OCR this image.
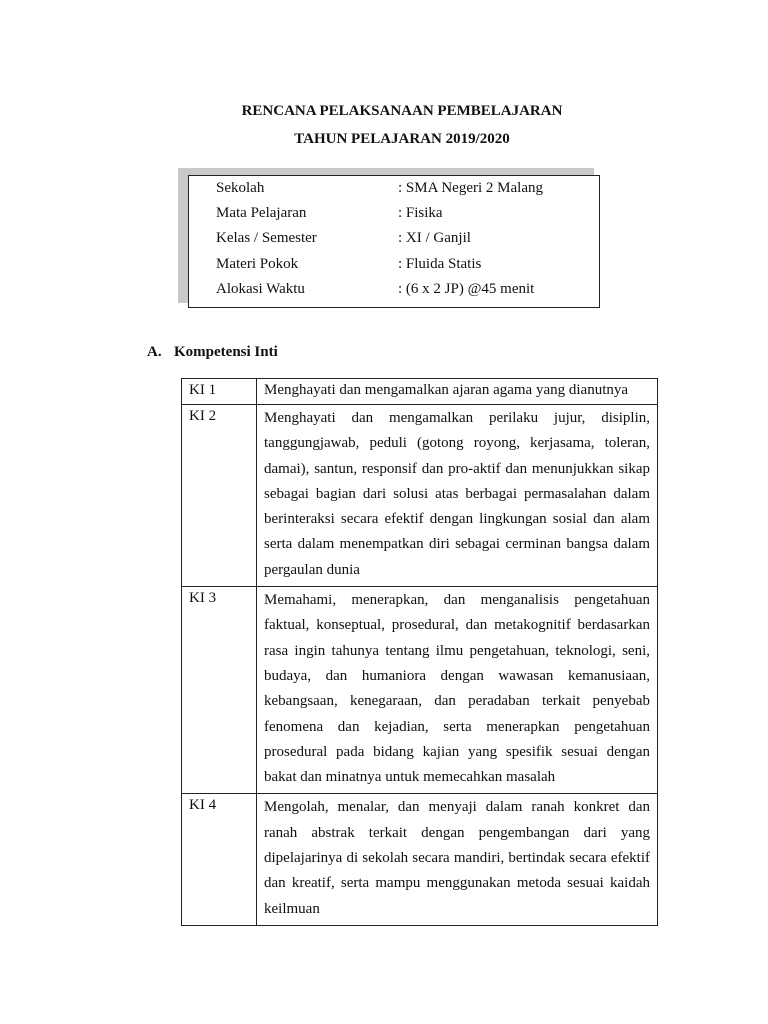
RENCANA PELAKSANAAN PEMBELAJARAN
TAHUN PELAJARAN 2019/2020
Sekolah	: SMA Negeri 2 Malang
Mata Pelajaran	: Fisika
Kelas / Semester	: XI / Ganjil
Materi Pokok	: Fluida Statis
Alokasi Waktu	: (6 x 2 JP) @45 menit
A. Kompetensi Inti
KI 1	Menghayati dan mengamalkan ajaran agama yang dianutnya
KI 2	Menghayati dan mengamalkan perilaku jujur, disiplin, tanggungjawab, peduli (gotong royong, kerjasama, toleran, damai), santun, responsif dan pro-aktif dan menunjukkan sikap sebagai bagian dari solusi atas berbagai permasalahan dalam berinteraksi secara efektif dengan lingkungan sosial dan alam serta dalam menempatkan diri sebagai cerminan bangsa dalam pergaulan dunia
KI 3	Memahami, menerapkan, dan menganalisis pengetahuan faktual, konseptual, prosedural, dan metakognitif berdasarkan rasa ingin tahunya tentang ilmu pengetahuan, teknologi, seni, budaya, dan humaniora dengan wawasan kemanusiaan, kebangsaan, kenegaraan, dan peradaban terkait penyebab fenomena dan kejadian, serta menerapkan pengetahuan prosedural pada bidang kajian yang spesifik sesuai dengan bakat dan minatnya untuk memecahkan masalah
KI 4	Mengolah, menalar, dan menyaji dalam ranah konkret dan ranah abstrak terkait dengan pengembangan dari yang dipelajarinya di sekolah secara mandiri, bertindak secara efektif dan kreatif, serta mampu menggunakan metoda sesuai kaidah keilmuan
